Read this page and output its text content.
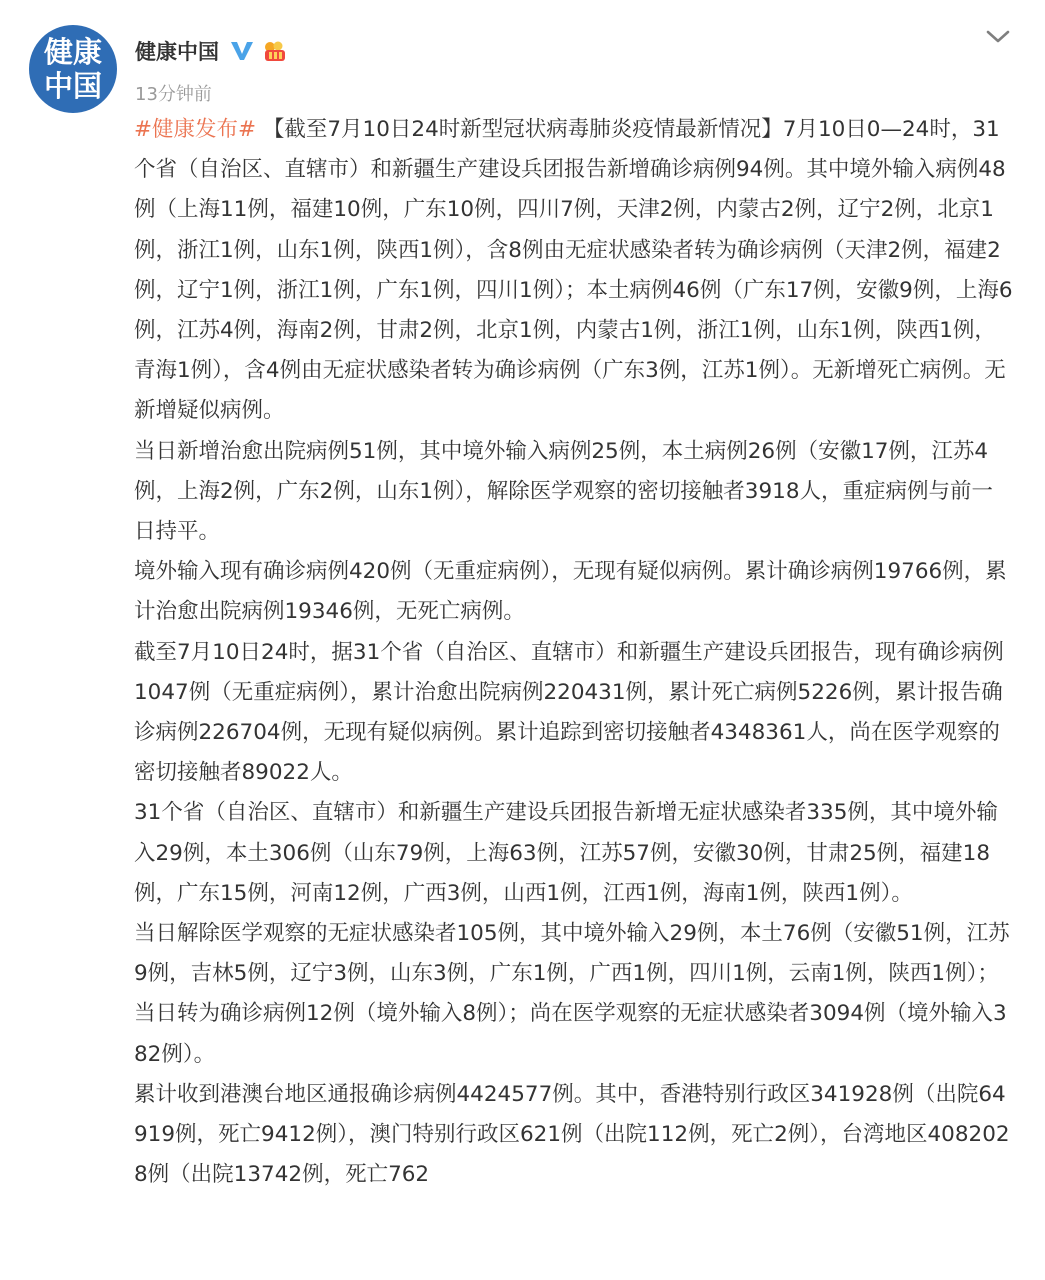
健康
中国
健康中国
13分钟前

#健康发布# 【截至7月10日24时新型冠状病毒肺炎疫情最新情况】7月10日0—24时，31个省（自治区、直辖市）和新疆生产建设兵团报告新增确诊病例94例。其中境外输入病例48例（上海11例，福建10例，广东10例，四川7例，天津2例，内蒙古2例，辽宁2例，北京1例，浙江1例，山东1例，陕西1例），含8例由无症状感染者转为确诊病例（天津2例，福建2例，辽宁1例，浙江1例，广东1例，四川1例）；本土病例46例（广东17例，安徽9例，上海6例，江苏4例，海南2例，甘肃2例，北京1例，内蒙古1例，浙江1例，山东1例，陕西1例，青海1例），含4例由无症状感染者转为确诊病例（广东3例，江苏1例）。无新增死亡病例。无新增疑似病例。

当日新增治愈出院病例51例，其中境外输入病例25例，本土病例26例（安徽17例，江苏4例，上海2例，广东2例，山东1例），解除医学观察的密切接触者3918人，重症病例与前一日持平。

境外输入现有确诊病例420例（无重症病例），无现有疑似病例。累计确诊病例19766例，累计治愈出院病例19346例，无死亡病例。

截至7月10日24时，据31个省（自治区、直辖市）和新疆生产建设兵团报告，现有确诊病例1047例（无重症病例），累计治愈出院病例220431例，累计死亡病例5226例，累计报告确诊病例226704例，无现有疑似病例。累计追踪到密切接触者4348361人，尚在医学观察的密切接触者89022人。

31个省（自治区、直辖市）和新疆生产建设兵团报告新增无症状感染者335例，其中境外输入29例，本土306例（山东79例，上海63例，江苏57例，安徽30例，甘肃25例，福建18例，广东15例，河南12例，广西3例，山西1例，江西1例，海南1例，陕西1例）。

当日解除医学观察的无症状感染者105例，其中境外输入29例，本土76例（安徽51例，江苏9例，吉林5例，辽宁3例，山东3例，广东1例，广西1例，四川1例，云南1例，陕西1例）；当日转为确诊病例12例（境外输入8例）；尚在医学观察的无症状感染者3094例（境外输入382例）。

累计收到港澳台地区通报确诊病例4424577例。其中，香港特别行政区341928例（出院64919例，死亡9412例），澳门特别行政区621例（出院112例，死亡2例），台湾地区4082028例（出院13742例，死亡762
